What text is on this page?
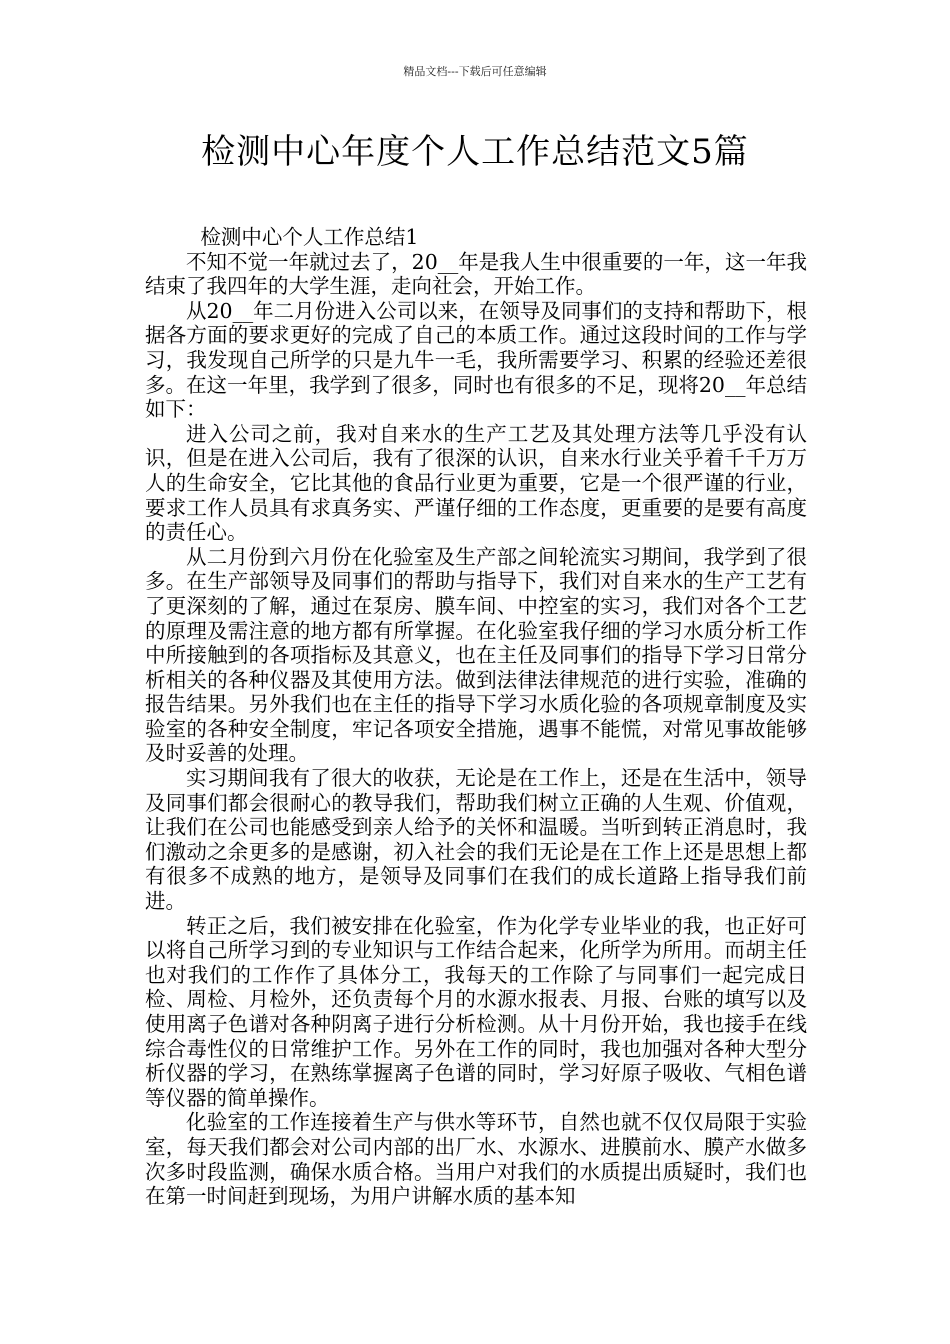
精品文档---下载后可任意编辑
检测中心年度个人工作总结范文5篇
检测中心个人工作总结1

不知不觉一年就过去了，20__年是我人生中很重要的一年，这一年我结束了我四年的大学生涯，走向社会，开始工作。

从20__年二月份进入公司以来，在领导及同事们的支持和帮助下，根据各方面的要求更好的完成了自己的本质工作。通过这段时间的工作与学习，我发现自己所学的只是九牛一毛，我所需要学习、积累的经验还差很多。在这一年里，我学到了很多，同时也有很多的不足，现将20__年总结如下：

进入公司之前，我对自来水的生产工艺及其处理方法等几乎没有认识，但是在进入公司后，我有了很深的认识，自来水行业关乎着千千万万人的生命安全，它比其他的食品行业更为重要，它是一个很严谨的行业，要求工作人员具有求真务实、严谨仔细的工作态度，更重要的是要有高度的责任心。

从二月份到六月份在化验室及生产部之间轮流实习期间，我学到了很多。在生产部领导及同事们的帮助与指导下，我们对自来水的生产工艺有了更深刻的了解，通过在泵房、膜车间、中控室的实习，我们对各个工艺的原理及需注意的地方都有所掌握。在化验室我仔细的学习水质分析工作中所接触到的各项指标及其意义，也在主任及同事们的指导下学习日常分析相关的各种仪器及其使用方法。做到法律法律规范的进行实验，准确的报告结果。另外我们也在主任的指导下学习水质化验的各项规章制度及实验室的各种安全制度，牢记各项安全措施，遇事不能慌，对常见事故能够及时妥善的处理。

实习期间我有了很大的收获，无论是在工作上，还是在生活中，领导及同事们都会很耐心的教导我们，帮助我们树立正确的人生观、价值观，让我们在公司也能感受到亲人给予的关怀和温暖。当听到转正消息时，我们激动之余更多的是感谢，初入社会的我们无论是在工作上还是思想上都有很多不成熟的地方，是领导及同事们在我们的成长道路上指导我们前进。

转正之后，我们被安排在化验室，作为化学专业毕业的我，也正好可以将自己所学习到的专业知识与工作结合起来，化所学为所用。而胡主任也对我们的工作作了具体分工，我每天的工作除了与同事们一起完成日检、周检、月检外，还负责每个月的水源水报表、月报、台账的填写以及使用离子色谱对各种阴离子进行分析检测。从十月份开始，我也接手在线综合毒性仪的日常维护工作。另外在工作的同时，我也加强对各种大型分析仪器的学习，在熟练掌握离子色谱的同时，学习好原子吸收、气相色谱等仪器的简单操作。

化验室的工作连接着生产与供水等环节，自然也就不仅仅局限于实验室，每天我们都会对公司内部的出厂水、水源水、进膜前水、膜产水做多次多时段监测，确保水质合格。当用户对我们的水质提出质疑时，我们也在第一时间赶到现场，为用户讲解水质的基本知
